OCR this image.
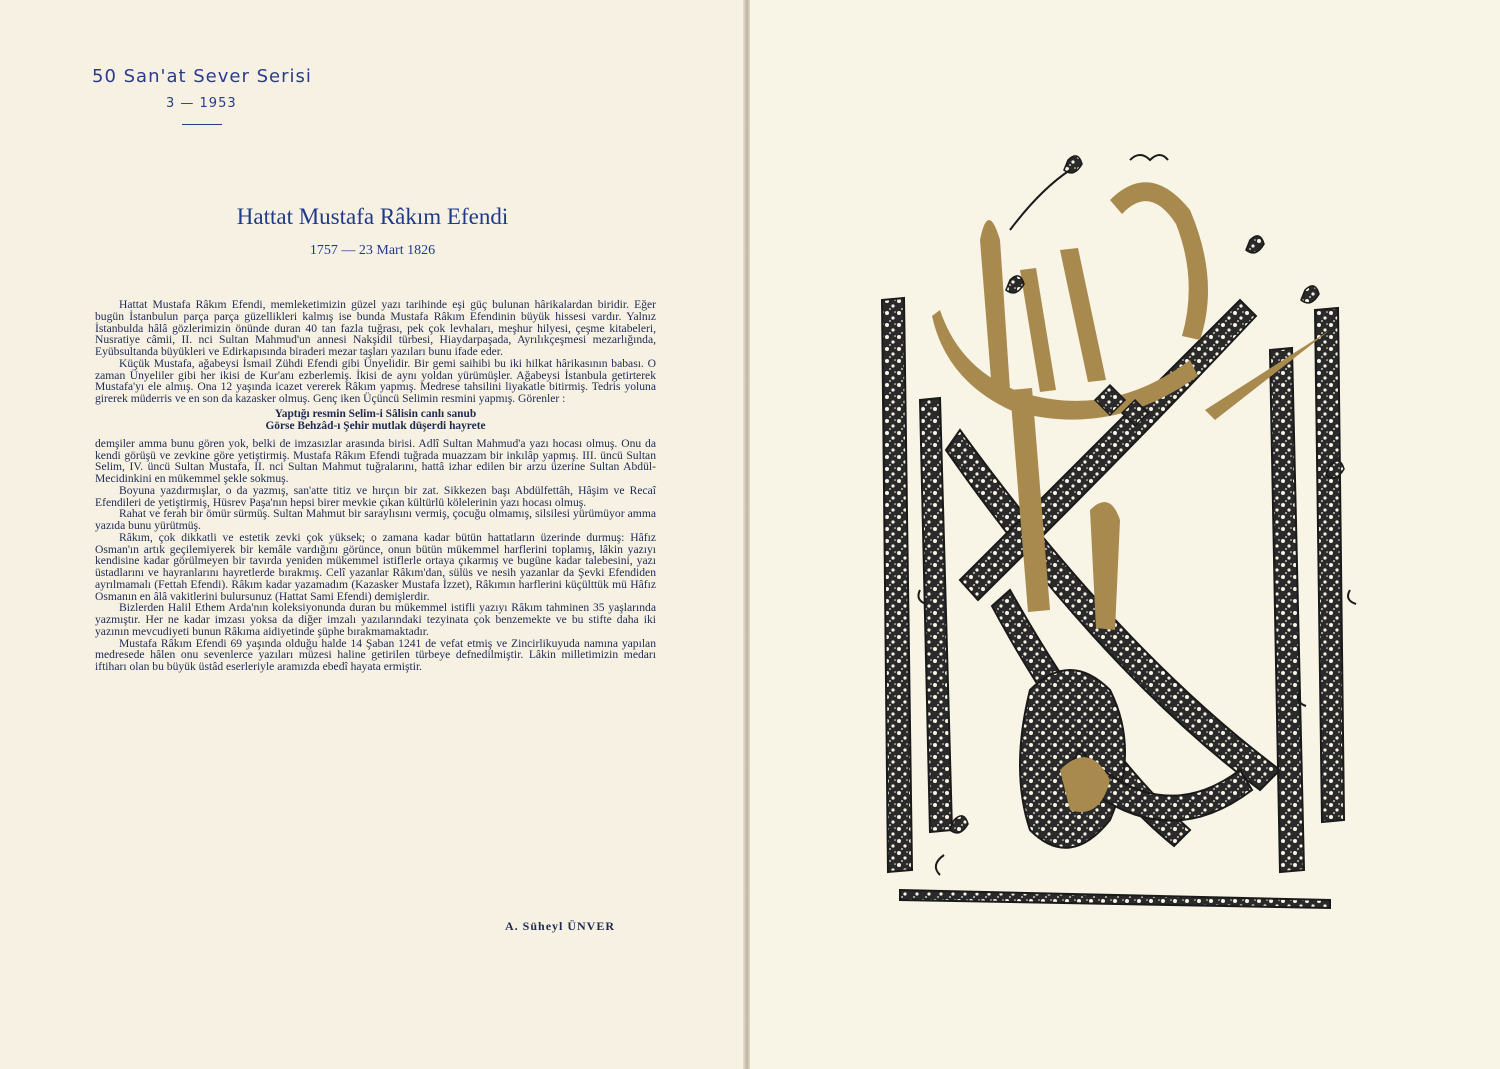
50 San'at Sever Serisi
3 — 1953
Hattat Mustafa Râkım Efendi
1757 — 23 Mart 1826

Hattat Mustafa Râkım Efendi, memleketimizin güzel yazı tarihinde eşi güç bulunan hârikalardan biridir. Eğer bugün İstanbulun parça parça güzellikleri kalmış ise bunda Mustafa Râkım Efendinin büyük hissesi vardır. Yalnız İstanbulda hâlâ gözlerimizin önünde duran 40 tan fazla tuğrası, pek çok levhaları, meşhur hilyesi, çeşme kitabeleri, Nusratiye câmii, II. nci Sultan Mahmud'un annesi Nakşidil türbesi, Hiaydarpaşada, Ayrılıkçeşmesi mezarlığında, Eyübsultanda büyükleri ve Edirkapısında biraderi mezar taşları yazıları bunu ifade eder.

Küçük Mustafa, ağabeysi İsmail Zühdi Efendi gibi Ünyelidir. Bir gemi saihibi bu iki hilkat hârikasının babası. O zaman Ünyeliler gibi her ikisi de Kur'anı ezberlemiş. İkisi de aynı yoldan yürümüşler. Ağabeysi İstanbula getirterek Mustafa'yı ele almış. Ona 12 yaşında icazet vererek Râkım yapmış. Medrese tahsilini liyakatle bitirmiş. Tedris yoluna girerek müderris ve en son da kazasker olmuş. Genç iken Üçüncü Selimin resmini yapmış. Görenler :

Yaptığı resmin Selim-i Sâlisin canlı sanub
Görse Behzâd-ı Şehir mutlak düşerdi hayrete

demşiler amma bunu gören yok, belki de imzasızlar arasında birisi. Adlî Sultan Mahmud'a yazı hocası olmuş. Onu da kendi görüşü ve zevkine göre yetiştirmiş. Mustafa Râkım Efendi tuğrada muazzam bir inkılâp yapmış. III. üncü Sultan Selim, IV. üncü Sultan Mustafa, II. nci Sultan Mahmut tuğralarını, hattâ izhar edilen bir arzu üzerine Sultan Abdül-Mecidinkini en mükemmel şekle sokmuş.

Boyuna yazdırmışlar, o da yazmış, san'atte titiz ve hırçın bir zat. Sikkezen başı Abdülfettâh, Hâşim ve Recaî Efendileri de yetiştirmiş, Hüsrev Paşa'nın hepsi birer mevkie çıkan kültürlü kölelerinin yazı hocası olmuş.

Rahat ve ferah bir ömür sürmüş. Sultan Mahmut bir saraylısını vermiş, çocuğu olmamış, silsilesi yürümüyor amma yazıda bunu yürütmüş.

Râkım, çok dikkatli ve estetik zevki çok yüksek; o zamana kadar bütün hattatların üzerinde durmuş: Hâfız Osman'ın artık geçilemiyerek bir kemâle vardığını görünce, onun bütün mükemmel harflerini toplamış, lâkin yazıyı kendisine kadar görülmeyen bir tavırda yeniden mükemmel istiflerle ortaya çıkarmış ve bugüne kadar talebesini, yazı üstadlarını ve hayranlarını hayretlerde bırakmış. Celî yazanlar Râkım'dan, sülüs ve nesih yazanlar da Şevki Efendiden ayrılmamalı (Fettah Efendi). Râkım kadar yazamadım (Kazasker Mustafa İzzet), Râkımın harflerini küçülttük mü Hâfız Osmanın en âlâ vakitlerini bulursunuz (Hattat Sami Efendi) demişlerdir.

Bizlerden Halil Ethem Arda'nın koleksiyonunda duran bu mükemmel istifli yazıyı Râkım tahminen 35 yaşlarında yazmıştır. Her ne kadar imzası yoksa da diğer imzalı yazılarındaki tezyinata çok benzemekte ve bu stifte daha iki yazının mevcudiyeti bunun Râkıma aidiyetinde şüphe bırakmamaktadır.

Mustafa Râkım Efendi 69 yaşında olduğu halde 14 Şaban 1241 de vefat etmiş ve Zincirlikuyuda namına yapılan medresede hâlen onu sevenlerce yazıları müzesi haline getirilen türbeye defnedilmiştir. Lâkin milletimizin medarı iftiharı olan bu büyük üstâd eserleriyle aramızda ebedî hayata ermiştir.

A. Süheyl ÜNVER
